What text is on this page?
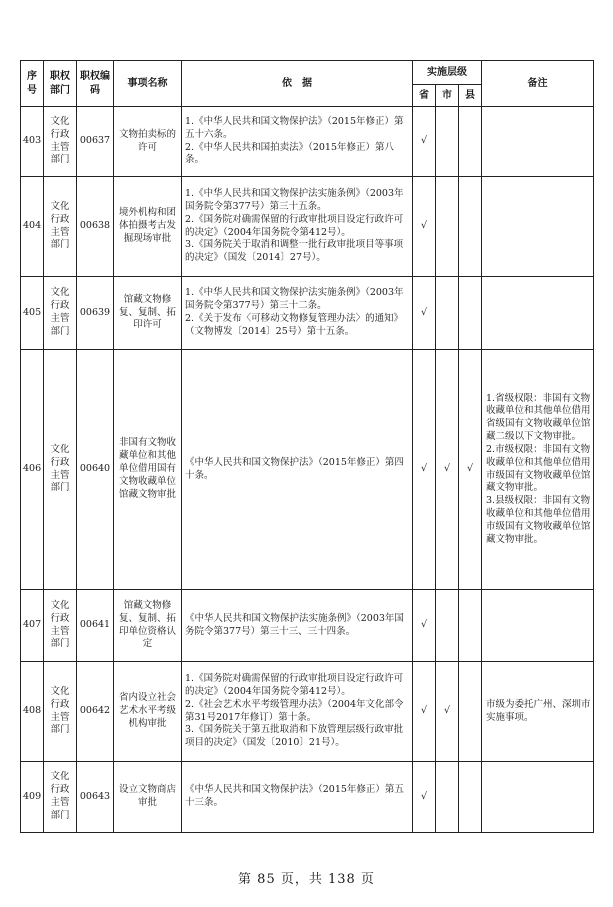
序号	职权部门	职权编码	事项名称	依　据	实施层级			备注
					省	市	县	
403	文化行政主管部门	00637	文物拍卖标的许可	1.《中华人民共和国文物保护法》（2015年修正）第五十六条。
2.《中华人民共和国拍卖法》（2015年修正）第八条。	√			
404	文化行政主管部门	00638	境外机构和团体拍摄考古发掘现场审批	1.《中华人民共和国文物保护法实施条例》（2003年国务院令第377号）第三十五条。
2.《国务院对确需保留的行政审批项目设定行政许可的决定》（2004年国务院令第412号）。
3.《国务院关于取消和调整一批行政审批项目等事项的决定》（国发〔2014〕27号）。	√			
405	文化行政主管部门	00639	馆藏文物修复、复制、拓印许可	1.《中华人民共和国文物保护法实施条例》（2003年国务院令第377号）第三十二条。
2.《关于发布〈可移动文物修复管理办法〉的通知》（文物博发〔2014〕25号）第十五条。	√			
406	文化行政主管部门	00640	非国有文物收藏单位和其他单位借用国有文物收藏单位馆藏文物审批	《中华人民共和国文物保护法》（2015年修正）第四十条。	√	√	√	1.省级权限：非国有文物收藏单位和其他单位借用省级国有文物收藏单位馆藏二级以下文物审批。
2.市级权限：非国有文物收藏单位和其他单位借用市级国有文物收藏单位馆藏文物审批。
3.县级权限：非国有文物收藏单位和其他单位借用市级国有文物收藏单位馆藏文物审批。

407	文化行政主管部门	00641	馆藏文物修复、复制、拓印单位资格认定	《中华人民共和国文物保护法实施条例》（2003年国务院令第377号）第三十三、三十四条。	√			
408	文化行政主管部门	00642	省内设立社会艺术水平考级机构审批	1.《国务院对确需保留的行政审批项目设定行政许可的决定》（2004年国务院令第412号）。
2.《社会艺术水平考级管理办法》（2004年文化部令第31号2017年修订）第十条。
3.《国务院关于第五批取消和下放管理层级行政审批项目的决定》（国发〔2010〕21号）。	√	√		市级为委托广州、深圳市实施事项。

409	文化行政主管部门	00643	设立文物商店审批	《中华人民共和国文物保护法》（2015年修正）第五十三条。	√			
第 85 页，共 138 页
